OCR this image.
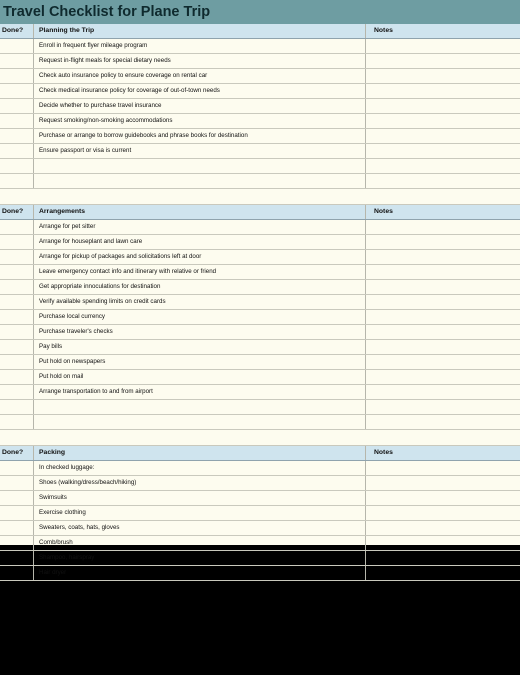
Travel Checklist for Plane Trip
Done?	Planning the Trip	Notes
Enroll in frequent flyer mileage program
Request in-flight meals for special dietary needs
Check auto insurance policy to ensure coverage on rental car
Check medical insurance policy for coverage of out-of-town needs
Decide whether to purchase travel insurance
Request smoking/non-smoking accommodations
Purchase or arrange to borrow guidebooks and phrase books for destination
Ensure passport or visa is current
Done?	Arrangements	Notes
Arrange for pet sitter
Arrange for houseplant and lawn care
Arrange for pickup of packages and solicitations left at door
Leave emergency contact info and itinerary with relative or friend
Get appropriate innoculations for destination
Verify available spending limits on credit cards
Purchase local currency
Purchase traveler's checks
Pay bills
Put hold on newspapers
Put hold on mail
Arrange transportation to and from airport
Done?	Packing	Notes
In checked luggage:
Shoes (walking/dress/beach/hiking)
Swimsuits
Exercise clothing
Sweaters, coats, hats, gloves
Comb/brush
Shampoo, hairspray
Hair dryer
